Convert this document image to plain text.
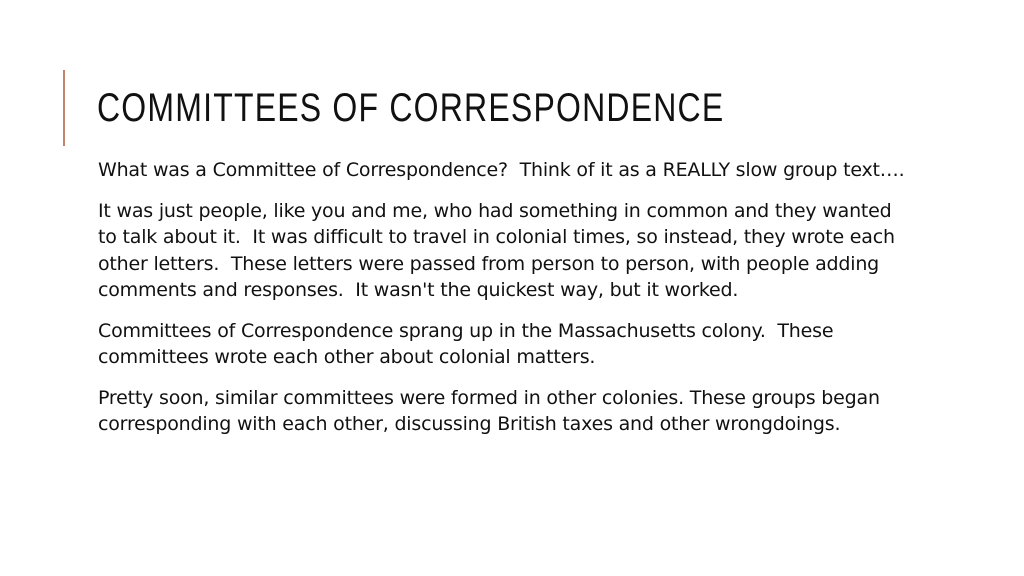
COMMITTEES OF CORRESPONDENCE

What was a Committee of Correspondence?  Think of it as a REALLY slow group text….

It was just people, like you and me, who had something in common and they wanted to talk about it.  It was difficult to travel in colonial times, so instead, they wrote each other letters.  These letters were passed from person to person, with people adding comments and responses.  It wasn't the quickest way, but it worked.

Committees of Correspondence sprang up in the Massachusetts colony.  These committees wrote each other about colonial matters.

Pretty soon, similar committees were formed in other colonies. These groups began corresponding with each other, discussing British taxes and other wrongdoings.
